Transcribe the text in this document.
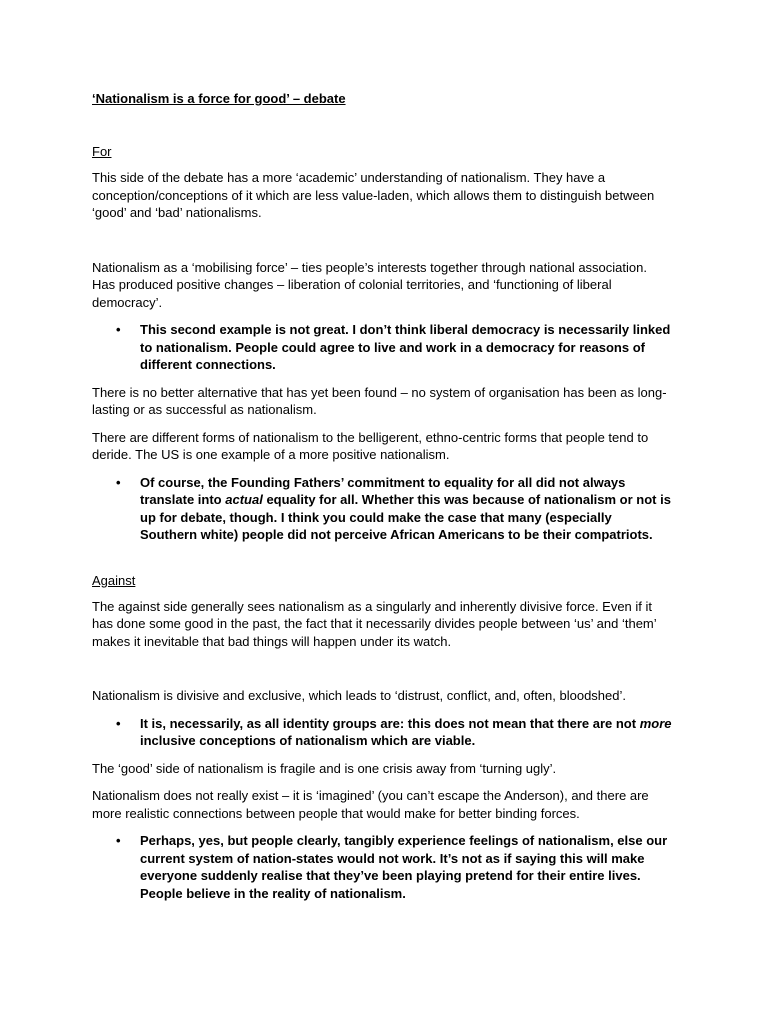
‘Nationalism is a force for good’ – debate
For

This side of the debate has a more ‘academic’ understanding of nationalism. They have a conception/conceptions of it which are less value-laden, which allows them to distinguish between ‘good’ and ‘bad’ nationalisms.

Nationalism as a ‘mobilising force’ – ties people’s interests together through national association. Has produced positive changes – liberation of colonial territories, and ‘functioning of liberal democracy’.

• This second example is not great. I don’t think liberal democracy is necessarily linked to nationalism. People could agree to live and work in a democracy for reasons of different connections.

There is no better alternative that has yet been found – no system of organisation has been as long-lasting or as successful as nationalism.

There are different forms of nationalism to the belligerent, ethno-centric forms that people tend to deride. The US is one example of a more positive nationalism.

• Of course, the Founding Fathers’ commitment to equality for all did not always translate into actual equality for all. Whether this was because of nationalism or not is up for debate, though. I think you could make the case that many (especially Southern white) people did not perceive African Americans to be their compatriots.
Against

The against side generally sees nationalism as a singularly and inherently divisive force. Even if it has done some good in the past, the fact that it necessarily divides people between ‘us’ and ‘them’ makes it inevitable that bad things will happen under its watch.

Nationalism is divisive and exclusive, which leads to ‘distrust, conflict, and, often, bloodshed’.

• It is, necessarily, as all identity groups are: this does not mean that there are not more inclusive conceptions of nationalism which are viable.

The ‘good’ side of nationalism is fragile and is one crisis away from ‘turning ugly’.

Nationalism does not really exist – it is ‘imagined’ (you can’t escape the Anderson), and there are more realistic connections between people that would make for better binding forces.

• Perhaps, yes, but people clearly, tangibly experience feelings of nationalism, else our current system of nation-states would not work. It’s not as if saying this will make everyone suddenly realise that they’ve been playing pretend for their entire lives. People believe in the reality of nationalism.
